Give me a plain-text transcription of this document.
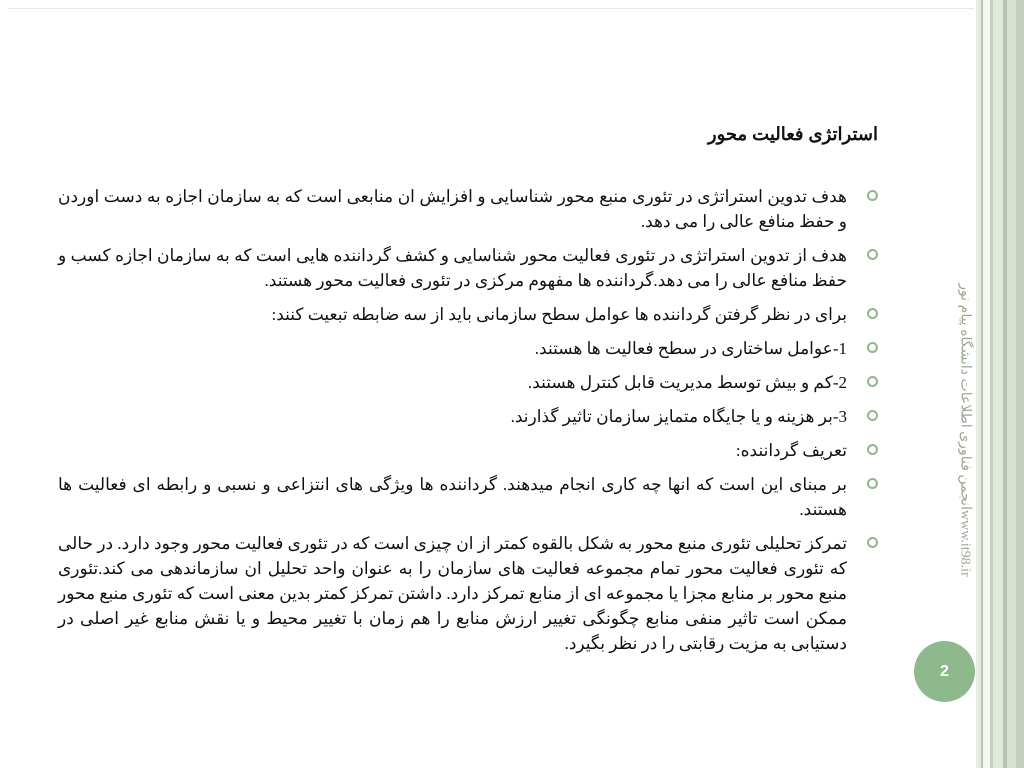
www.it98.irانجمن فناوری اطلاعات دانشگاه پیام نور
2
استراتژی فعالیت محور
هدف تدوین استراتژی در تئوری منبع محور شناسایی و افزایش ان منابعی است که به سازمان اجازه به دست اوردن و حفظ منافع عالی را می دهد.
هدف از تدوین استراتژی در تئوری فعالیت محور شناسایی و کشف گرداننده هایی است که به سازمان اجازه کسب و حفظ منافع عالی را می دهد.گرداننده ها مفهوم مرکزی در تئوری فعالیت محور هستند.
برای در نظر گرفتن گرداننده ها عوامل سطح سازمانی باید از سه ضابطه تبعیت کنند:
1-عوامل ساختاری در سطح فعالیت ها هستند.
2-کم و بیش توسط مدیریت قابل کنترل هستند.
3-بر هزینه و یا جایگاه متمایز سازمان تاثیر گذارند.
تعریف گرداننده:
بر مبنای این است که انها چه کاری انجام میدهند. گرداننده ها ویژگی های انتزاعی و نسبی و رابطه ای فعالیت ها هستند.
تمرکز تحلیلی تئوری منبع محور به شکل بالقوه کمتر از ان چیزی است که در تئوری فعالیت محور وجود دارد. در حالی که تئوری فعالیت محور تمام مجموعه فعالیت های سازمان را به عنوان واحد تحلیل ان سازماندهی می کند.تئوری منبع محور بر منابع مجزا یا مجموعه ای از منابع تمرکز دارد. داشتن تمرکز کمتر بدین معنی است که تئوری منبع محور ممکن است تاثیر منفی منابع چگونگی تغییر ارزش منابع را هم زمان با تغییر محیط و یا نقش منابع غیر اصلی در دستیابی به مزیت رقابتی را در نظر بگیرد.
